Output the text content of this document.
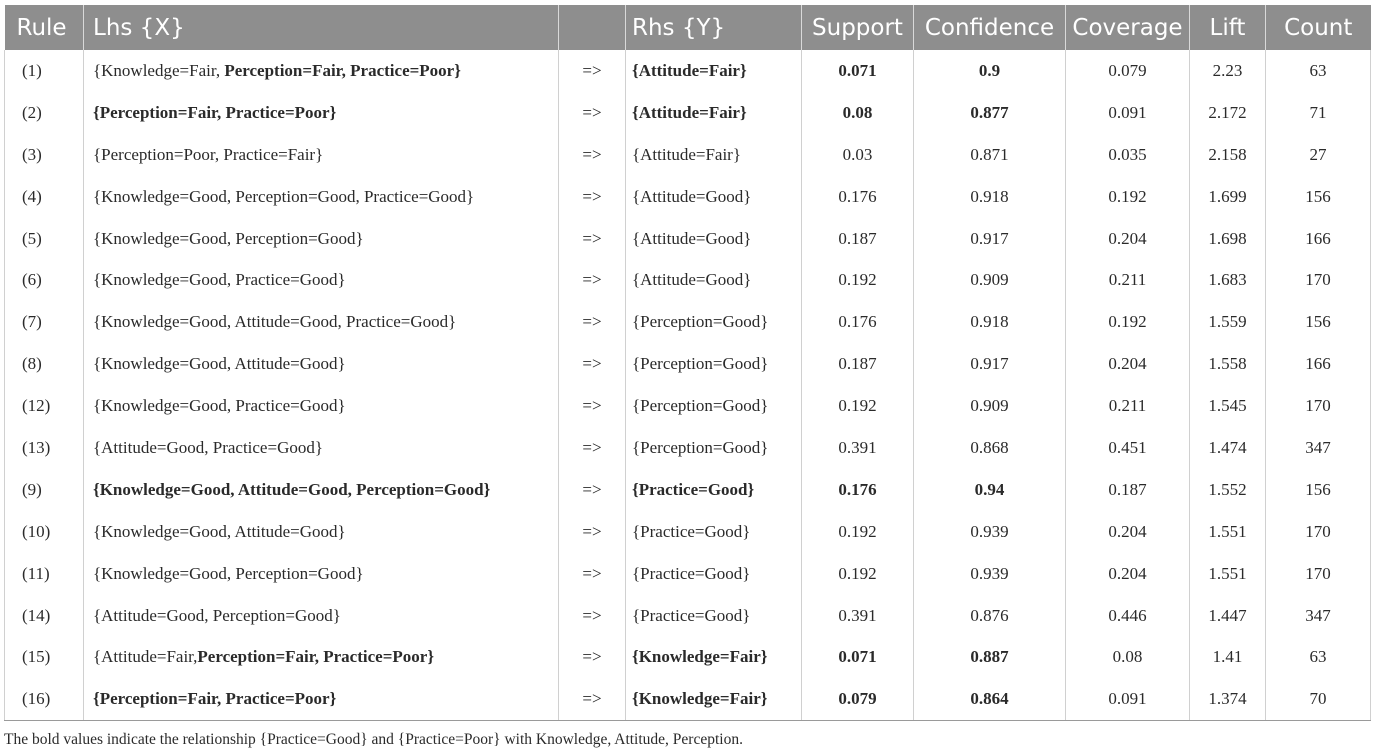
Rule	Lhs {X}		Rhs {Y}	Support	Confidence	Coverage	Lift	Count
(1)	{Knowledge=Fair, Perception=Fair, Practice=Poor}	=>	{Attitude=Fair}	0.071	0.9	0.079	2.23	63
(2)	{Perception=Fair, Practice=Poor}	=>	{Attitude=Fair}	0.08	0.877	0.091	2.172	71
(3)	{Perception=Poor, Practice=Fair}	=>	{Attitude=Fair}	0.03	0.871	0.035	2.158	27
(4)	{Knowledge=Good, Perception=Good, Practice=Good}	=>	{Attitude=Good}	0.176	0.918	0.192	1.699	156
(5)	{Knowledge=Good, Perception=Good}	=>	{Attitude=Good}	0.187	0.917	0.204	1.698	166
(6)	{Knowledge=Good, Practice=Good}	=>	{Attitude=Good}	0.192	0.909	0.211	1.683	170
(7)	{Knowledge=Good, Attitude=Good, Practice=Good}	=>	{Perception=Good}	0.176	0.918	0.192	1.559	156
(8)	{Knowledge=Good, Attitude=Good}	=>	{Perception=Good}	0.187	0.917	0.204	1.558	166
(12)	{Knowledge=Good, Practice=Good}	=>	{Perception=Good}	0.192	0.909	0.211	1.545	170
(13)	{Attitude=Good, Practice=Good}	=>	{Perception=Good}	0.391	0.868	0.451	1.474	347
(9)	{Knowledge=Good, Attitude=Good, Perception=Good}	=>	{Practice=Good}	0.176	0.94	0.187	1.552	156
(10)	{Knowledge=Good, Attitude=Good}	=>	{Practice=Good}	0.192	0.939	0.204	1.551	170
(11)	{Knowledge=Good, Perception=Good}	=>	{Practice=Good}	0.192	0.939	0.204	1.551	170
(14)	{Attitude=Good, Perception=Good}	=>	{Practice=Good}	0.391	0.876	0.446	1.447	347
(15)	{Attitude=Fair,Perception=Fair, Practice=Poor}	=>	{Knowledge=Fair}	0.071	0.887	0.08	1.41	63
(16)	{Perception=Fair, Practice=Poor}	=>	{Knowledge=Fair}	0.079	0.864	0.091	1.374	70
The bold values indicate the relationship {Practice=Good} and {Practice=Poor} with Knowledge, Attitude, Perception.
